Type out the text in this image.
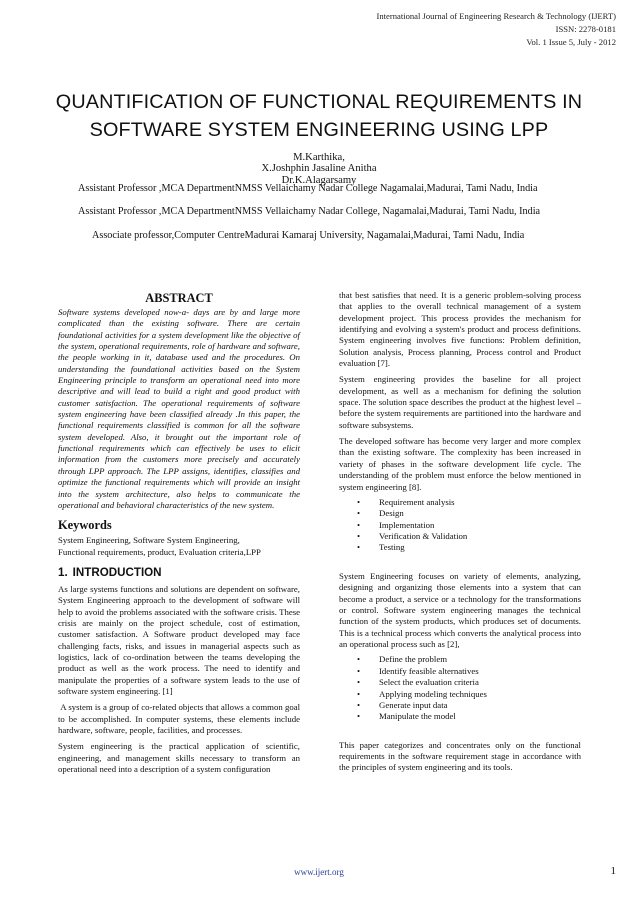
International Journal of Engineering Research & Technology (IJERT)
ISSN: 2278-0181
Vol. 1 Issue 5, July - 2012
QUANTIFICATION OF FUNCTIONAL REQUIREMENTS IN
SOFTWARE SYSTEM ENGINEERING USING LPP
M.Karthika,
X.Joshphin Jasaline Anitha
Dr.K.Alagarsamy
Assistant Professor ,MCA DepartmentNMSS Vellaichamy Nadar College Nagamalai,Madurai, Tami Nadu, India
Assistant Professor ,MCA DepartmentNMSS Vellaichamy Nadar College, Nagamalai,Madurai, Tami Nadu, India
Associate professor,Computer CentreMadurai Kamaraj University, Nagamalai,Madurai, Tami Nadu, India
ABSTRACT

Software systems developed now-a- days are by and large more complicated than the existing software. There are certain foundational activities for a system development like the objective of the system, operational requirements, role of hardware and software, the people working in it, database used and the procedures. On understanding the foundational activities based on the System Engineering principle to transform an operational need into more descriptive and will lead to build a right and good product with customer satisfaction. The operational requirements of software system engineering have been classified already .In this paper, the functional requirements classified is common for all the software system developed. Also, it brought out the important role of functional requirements which can effectively be uses to elicit information from the customers more precisely and accurately through LPP approach. The LPP assigns, identifies, classifies and optimize the functional requirements which will provide an insight into the system architecture, also helps to communicate the operational and behavioral characteristics of the new system.

Keywords
System Engineering, Software System Engineering,
Functional requirements, product, Evaluation criteria,LPP
1. INTRODUCTION

As large systems functions and solutions are dependent on software, System Engineering approach to the development of software will help to avoid the problems associated with the software crisis. These crisis are mainly on the project schedule, cost of estimation, customer satisfaction. A Software product developed may face challenging facts, risks, and issues in managerial aspects such as logistics, lack of co-ordination between the teams developing the product as well as the work process. The need to identify and manipulate the properties of a software system leads to the use of software system engineering. [1]

A system is a group of co-related objects that allows a common goal to be accomplished. In computer systems, these elements include hardware, software, people, facilities, and processes.

System engineering is the practical application of scientific, engineering, and management skills necessary to transform an operational need into a description of a system configuration

that best satisfies that need. It is a generic problem-solving process that applies to the overall technical management of a system development project. This process provides the mechanism for identifying and evolving a system's product and process definitions. System engineering involves five functions: Problem definition, Solution analysis, Process planning, Process control and Product evaluation [7].

System engineering provides the baseline for all project development, as well as a mechanism for defining the solution space. The solution space describes the product at the highest level – before the system requirements are partitioned into the hardware and software subsystems.

The developed software has become very larger and more complex than the existing software. The complexity has been increased in variety of phases in the software development life cycle. The understanding of the problem must enforce the below mentioned in system engineering [8].

• Requirement analysis
• Design
• Implementation
• Verification & Validation
• Testing

System Engineering focuses on variety of elements, analyzing, designing and organizing those elements into a system that can become a product, a service or a technology for the transformations or control. Software system engineering manages the technical function of the system products, which produces set of documents. This is a technical process which converts the analytical process into an operational process such as [2],

• Define the problem
• Identify feasible alternatives
• Select the evaluation criteria
• Applying modeling techniques
• Generate input data
• Manipulate the model

This paper categorizes and concentrates only on the functional requirements in the software requirement stage in accordance with the principles of system engineering and its tools.

www.ijert.org	1
